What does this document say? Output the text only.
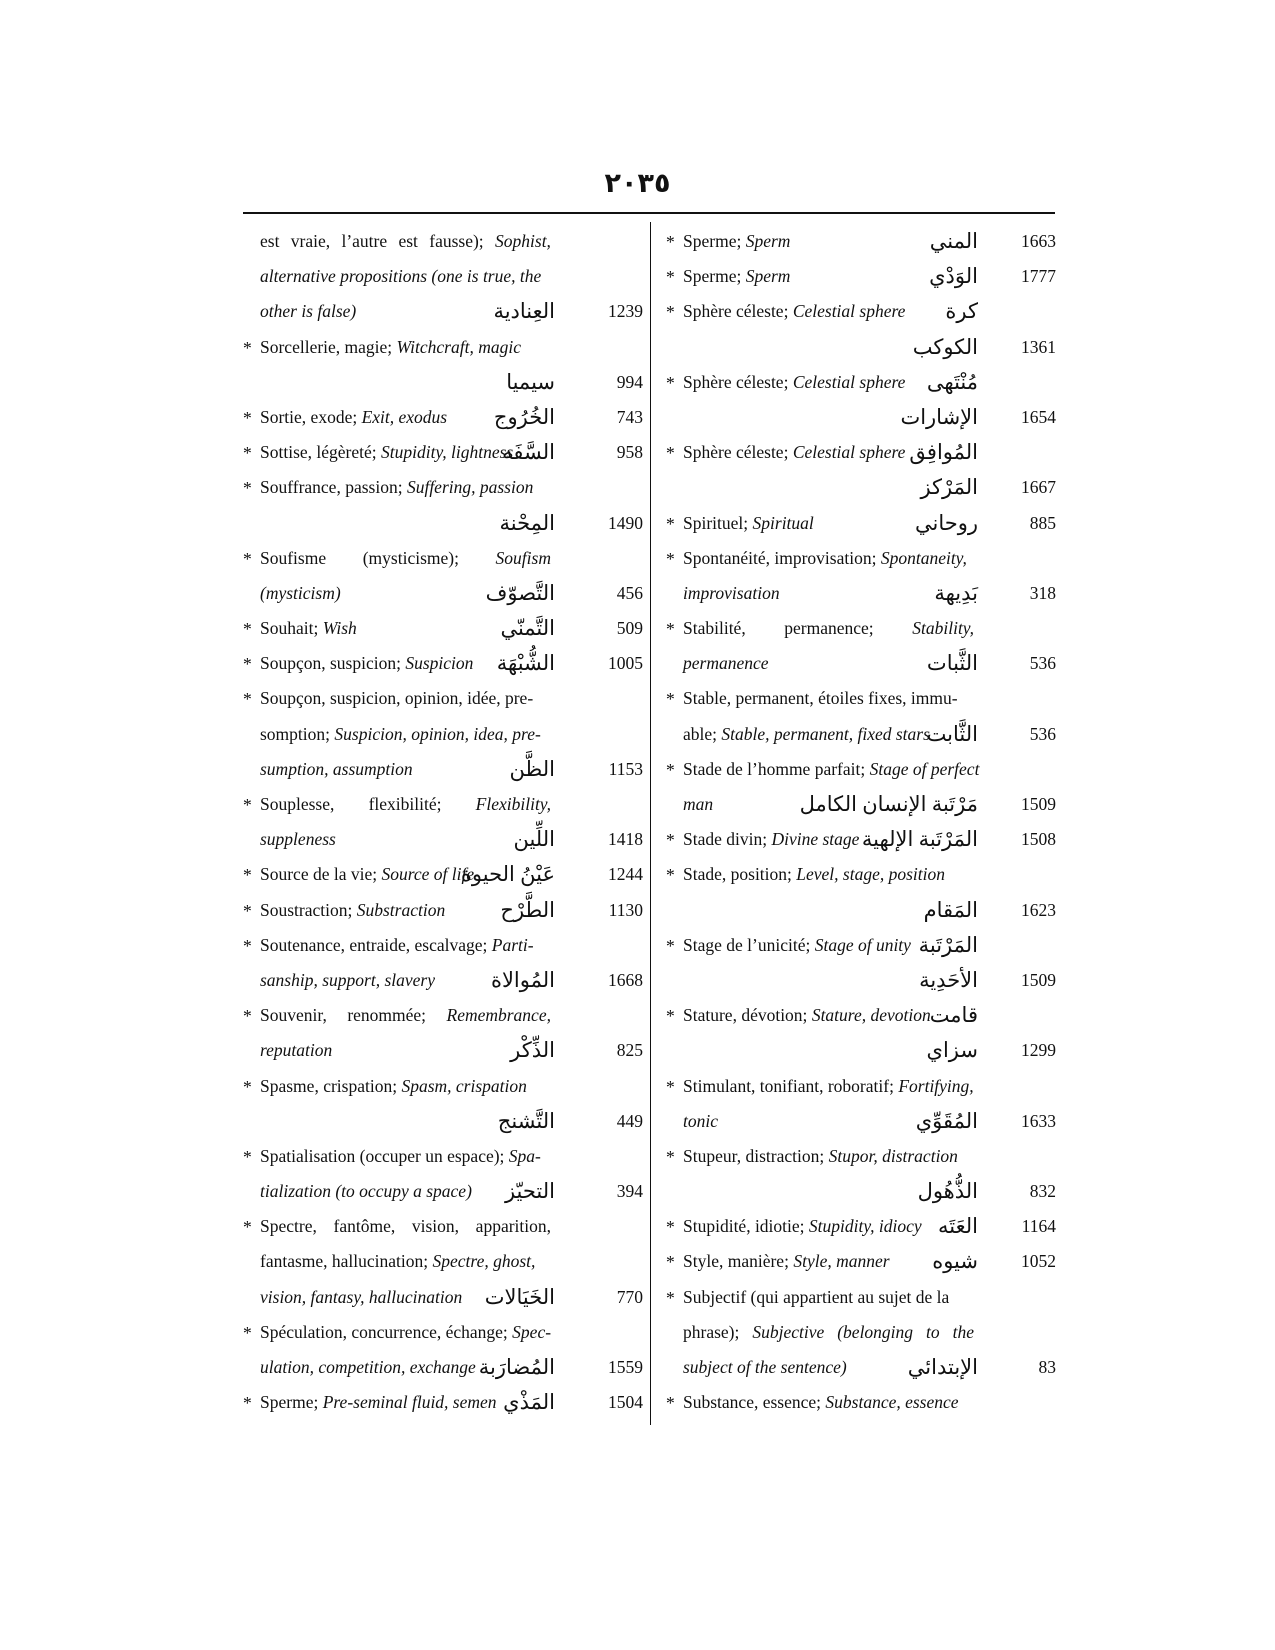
٢٠٣٥
est vraie, l’autre est fausse); Sophist,
alternative propositions (one is true, the
other is false)	العِنادية	1239
* Sorcellerie, magie; Witchcraft, magic
سيميا	994
* Sortie, exode; Exit, exodus الخُرُوج	743
* Sottise, légèreté; Stupidity, lightness
السَّفَه	958
* Souffrance, passion; Suffering, passion
المِحْنة	1490
* Soufisme (mysticisme); Soufism
(mysticism)	التَّصوّف	456
* Souhait; Wish	التَّمنّي	509
* Soupçon, suspicion; Suspicion الشُّبْهَة	1005
* Soupçon, suspicion, opinion, idée, pre-
somption; Suspicion, opinion, idea, pre-
sumption, assumption	الظَّن	1153
* Souplesse, flexibilité; Flexibility,
suppleness	اللِّين	1418
* Source de la vie; Source of life
عَيْنُ الحيوة	1244
* Soustraction; Substraction	الطَّرْح	1130
* Soutenance, entraide, escalvage; Parti-
sanship, support, slavery	المُوالاة	1668
* Souvenir, renommée; Remembrance,
reputation	الذِّكْر	825
* Spasme, crispation; Spasm, crispation
التَّشنج	449
* Spatialisation (occuper un espace); Spa-
tialization (to occupy a space) التحيّز	394
* Spectre, fantôme, vision, apparition,
fantasme, hallucination; Spectre, ghost,
vision, fantasy, hallucination الخَيَالات	770
* Spéculation, concurrence, échange; Spec-
ulation, competition, exchange المُضارَبة	1559
* Sperme; Pre-seminal fluid, semen المَذْي	1504
* Sperme; Sperm	المني 1663
* Sperme; Sperm	الوَدْي 1777
* Sphère céleste; Celestial sphere كرة
الكوكب 1361
* Sphère céleste; Celestial sphere مُنْتَهى
الإشارات 1654
* Sphère céleste; Celestial sphere المُوافِق
المَرْكز 1667
* Spirituel; Spiritual	روحاني	885
* Spontanéité, improvisation; Spontaneity,
improvisation	بَدِيهة	318
* Stabilité, permanence; Stability,
permanence	الثَّبات	536
* Stable, permanent, étoiles fixes, immu-
able; Stable, permanent, fixed stars
الثَّابت	536
* Stade de l’homme parfait; Stage of perfect
man	مَرْتَبة الإنسان الكامل 1509
* Stade divin; Divine stage المَرْتَبة الإلهية 1508
* Stade, position; Level, stage, position
المَقام 1623
* Stage de l’unicité; Stage of unity المَرْتَبة
الأحَدِية 1509
* Stature, dévotion; Stature, devotion
قامت
سزاي 1299
* Stimulant, tonifiant, roboratif; Fortifying,
tonic	المُقَوِّي 1633
* Stupeur, distraction; Stupor, distraction
الذُّهُول	832
* Stupidité, idiotie; Stupidity, idiocy العَتَه 1164
* Style, manière; Style, manner شيوه 1052
* Subjectif (qui appartient au sujet de la
phrase); Subjective (belonging to the
subject of the sentence)	الإبتدائي	83
* Substance, essence; Substance, essence
